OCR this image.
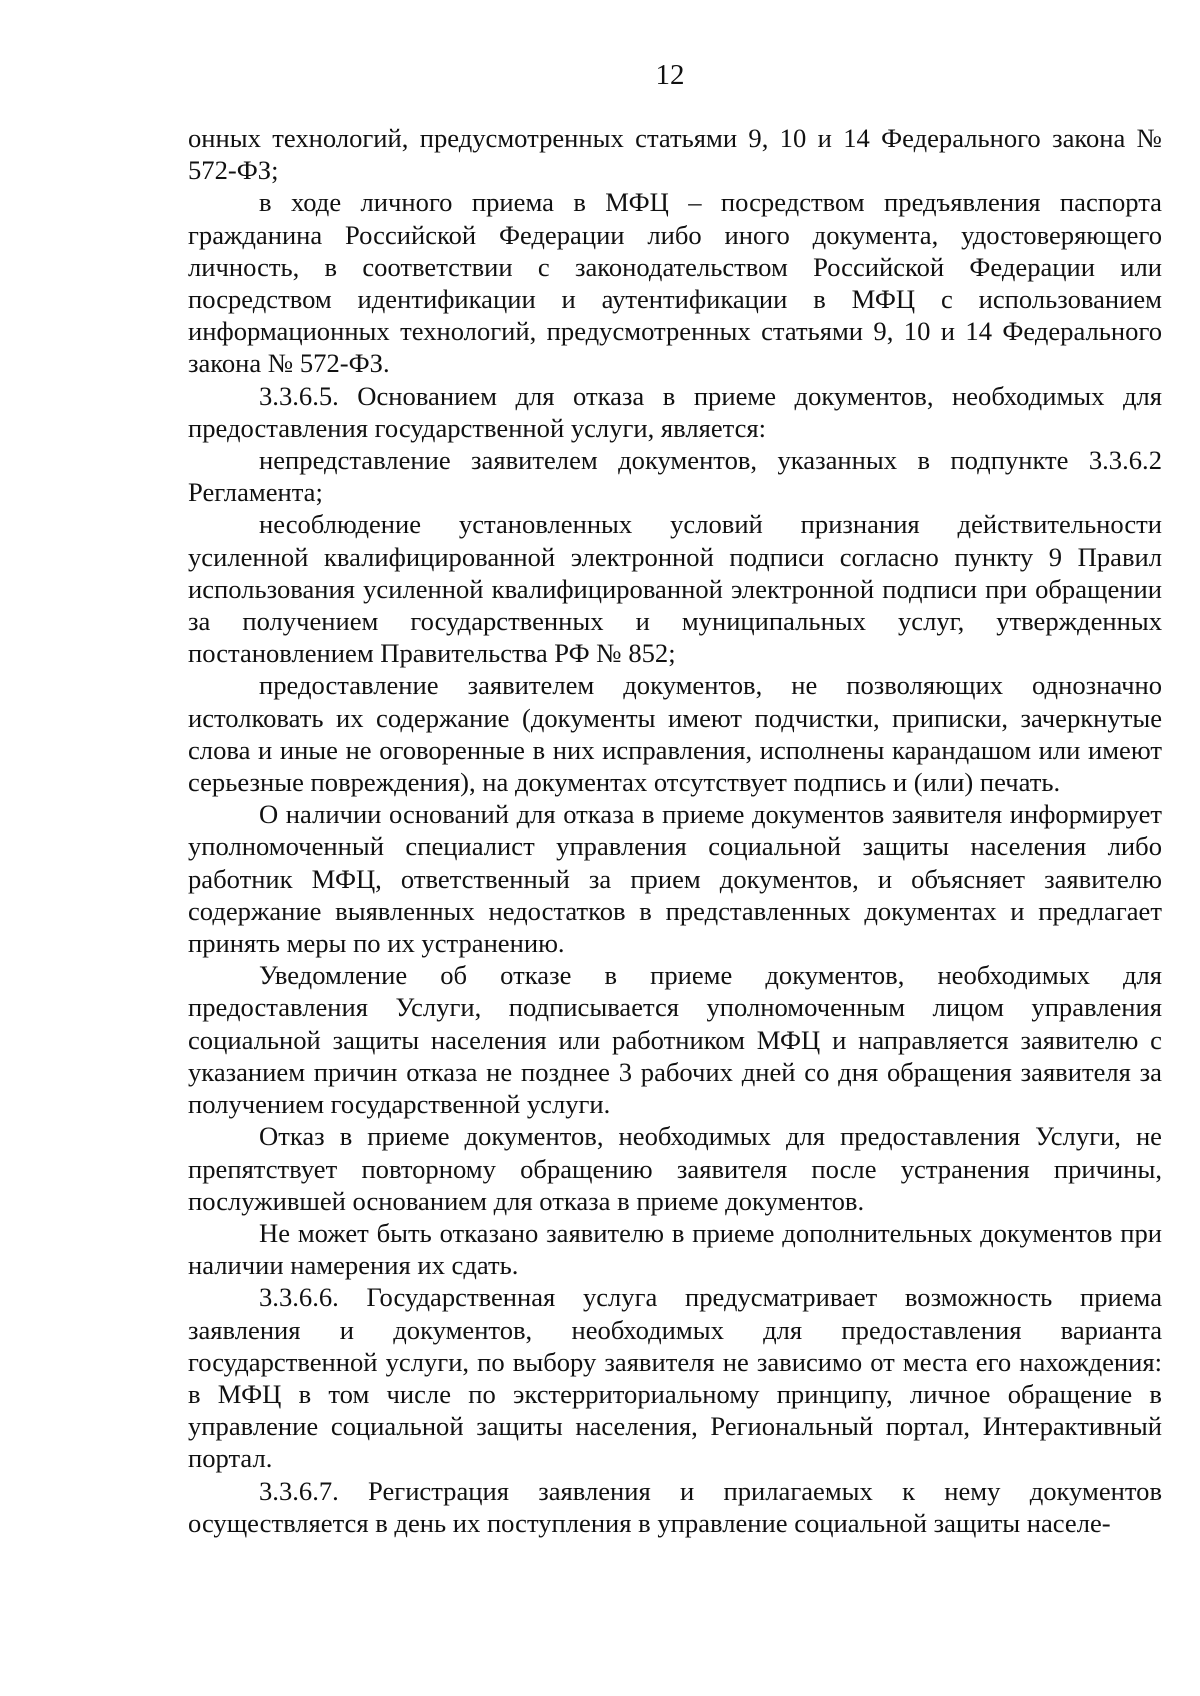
12

онных технологий, предусмотренных статьями 9, 10 и 14 Федерального закона № 572-ФЗ;

в ходе личного приема в МФЦ – посредством предъявления паспорта гражданина Российской Федерации либо иного документа, удостоверяющего личность, в соответствии с законодательством Российской Федерации или посредством идентификации и аутентификации в МФЦ с использованием информационных технологий, предусмотренных статьями 9, 10 и 14 Федерального закона № 572-ФЗ.

3.3.6.5. Основанием для отказа в приеме документов, необходимых для предоставления государственной услуги, является:

непредставление заявителем документов, указанных в подпункте 3.3.6.2 Регламента;

несоблюдение установленных условий признания действительности усиленной квалифицированной электронной подписи согласно пункту 9 Правил использования усиленной квалифицированной электронной подписи при обращении за получением государственных и муниципальных услуг, утвержденных постановлением Правительства РФ № 852;

предоставление заявителем документов, не позволяющих однозначно истолковать их содержание (документы имеют подчистки, приписки, зачеркнутые слова и иные не оговоренные в них исправления, исполнены карандашом или имеют серьезные повреждения), на документах отсутствует подпись и (или) печать.

О наличии оснований для отказа в приеме документов заявителя информирует уполномоченный специалист управления социальной защиты населения либо работник МФЦ, ответственный за прием документов, и объясняет заявителю содержание выявленных недостатков в представленных документах и предлагает принять меры по их устранению.

Уведомление об отказе в приеме документов, необходимых для предоставления Услуги, подписывается уполномоченным лицом управления социальной защиты населения или работником МФЦ и направляется заявителю с указанием причин отказа не позднее 3 рабочих дней со дня обращения заявителя за получением государственной услуги.

Отказ в приеме документов, необходимых для предоставления Услуги, не препятствует повторному обращению заявителя после устранения причины, послужившей основанием для отказа в приеме документов.

Не может быть отказано заявителю в приеме дополнительных документов при наличии намерения их сдать.

3.3.6.6. Государственная услуга предусматривает возможность приема заявления и документов, необходимых для предоставления варианта государственной услуги, по выбору заявителя не зависимо от места его нахождения: в МФЦ в том числе по экстерриториальному принципу, личное обращение в управление социальной защиты населения, Региональный портал, Интерактивный портал.

3.3.6.7. Регистрация заявления и прилагаемых к нему документов осуществляется в день их поступления в управление социальной защиты населе-
